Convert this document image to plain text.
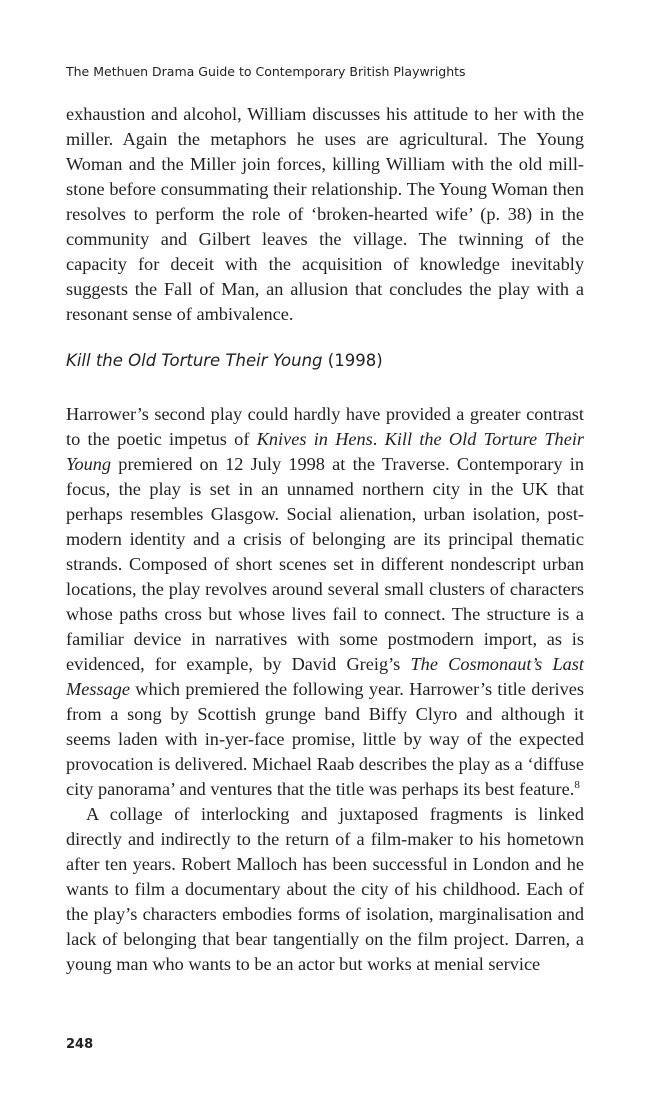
The Methuen Drama Guide to Contemporary British Playwrights

exhaustion and alcohol, William discusses his attitude to her with the miller. Again the metaphors he uses are agricultural. The Young Woman and the Miller join forces, killing William with the old mill-stone before consummating their relationship. The Young Woman then resolves to perform the role of ‘broken-hearted wife’ (p. 38) in the community and Gilbert leaves the village. The twinning of the capacity for deceit with the acquisition of knowledge inevitably suggests the Fall of Man, an allusion that concludes the play with a resonant sense of ambivalence.

Kill the Old Torture Their Young (1998)

Harrower’s second play could hardly have provided a greater contrast to the poetic impetus of Knives in Hens. Kill the Old Torture Their Young premiered on 12 July 1998 at the Traverse. Contemporary in focus, the play is set in an unnamed northern city in the UK that perhaps resembles Glasgow. Social alienation, urban isolation, post-modern identity and a crisis of belonging are its principal thematic strands. Composed of short scenes set in different nondescript urban locations, the play revolves around several small clusters of characters whose paths cross but whose lives fail to connect. The structure is a familiar device in narratives with some postmodern import, as is evidenced, for example, by David Greig’s The Cosmonaut’s Last Message which premiered the following year. Harrower’s title derives from a song by Scottish grunge band Biffy Clyro and although it seems laden with in-yer-face promise, little by way of the expected provocation is delivered. Michael Raab describes the play as a ‘diffuse city panorama’ and ventures that the title was perhaps its best feature.$^8$

A collage of interlocking and juxtaposed fragments is linked directly and indirectly to the return of a film-maker to his hometown after ten years. Robert Malloch has been successful in London and he wants to film a documentary about the city of his childhood. Each of the play’s characters embodies forms of isolation, marginalisation and lack of belonging that bear tangentially on the film project. Darren, a young man who wants to be an actor but works at menial service

248
